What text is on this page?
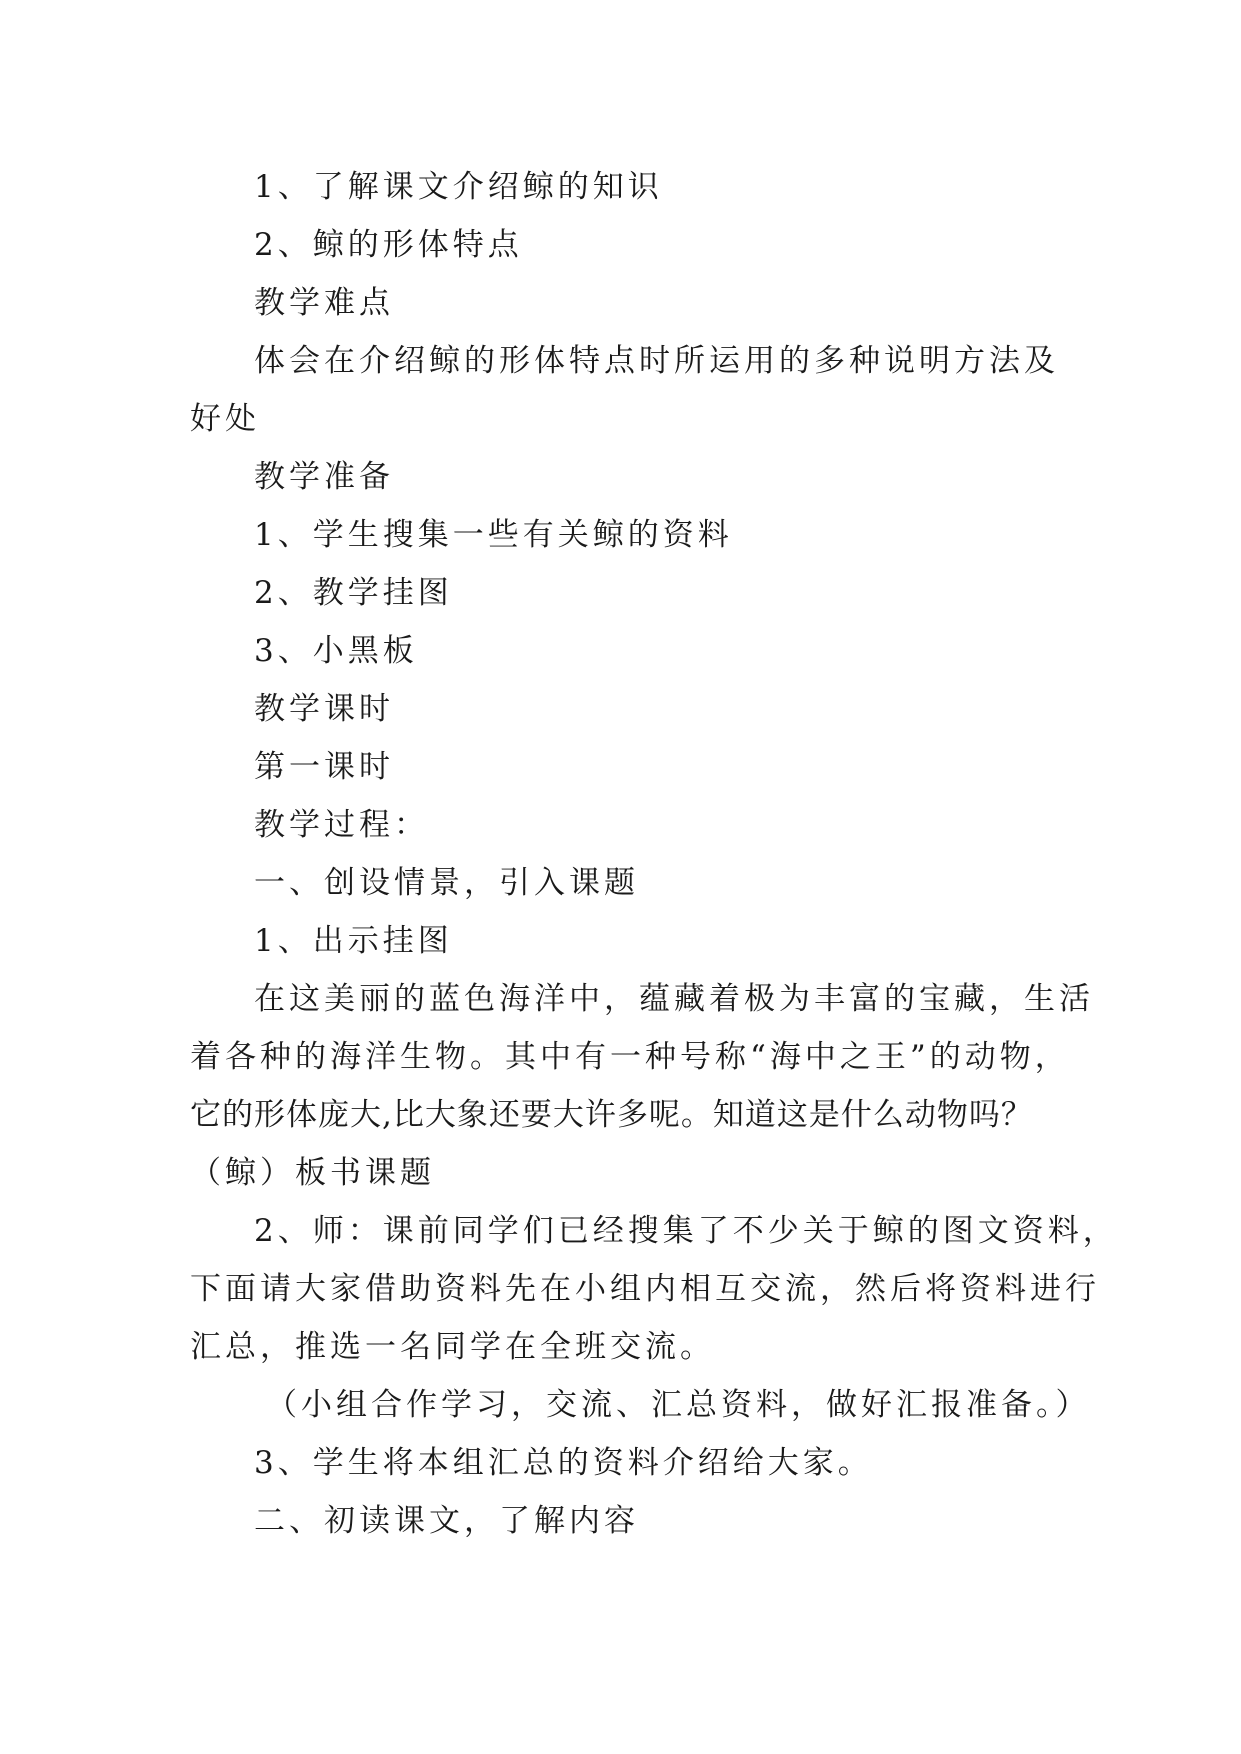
1、了解课文介绍鲸的知识
2、鲸的形体特点
教学难点
体会在介绍鲸的形体特点时所运用的多种说明方法及
好处
教学准备
1、学生搜集一些有关鲸的资料
2、教学挂图
3、小黑板
教学课时
第一课时
教学过程：
一、创设情景，引入课题
1、出示挂图
在这美丽的蓝色海洋中，蕴藏着极为丰富的宝藏，生活
着各种的海洋生物。其中有一种号称“海中之王”的动物，
它的形体庞大,比大象还要大许多呢。知道这是什么动物吗？
（鲸）板书课题
2、师：课前同学们已经搜集了不少关于鲸的图文资料，
下面请大家借助资料先在小组内相互交流，然后将资料进行
汇总，推选一名同学在全班交流。
（小组合作学习，交流、汇总资料，做好汇报准备。）
3、学生将本组汇总的资料介绍给大家。
二、初读课文，了解内容
